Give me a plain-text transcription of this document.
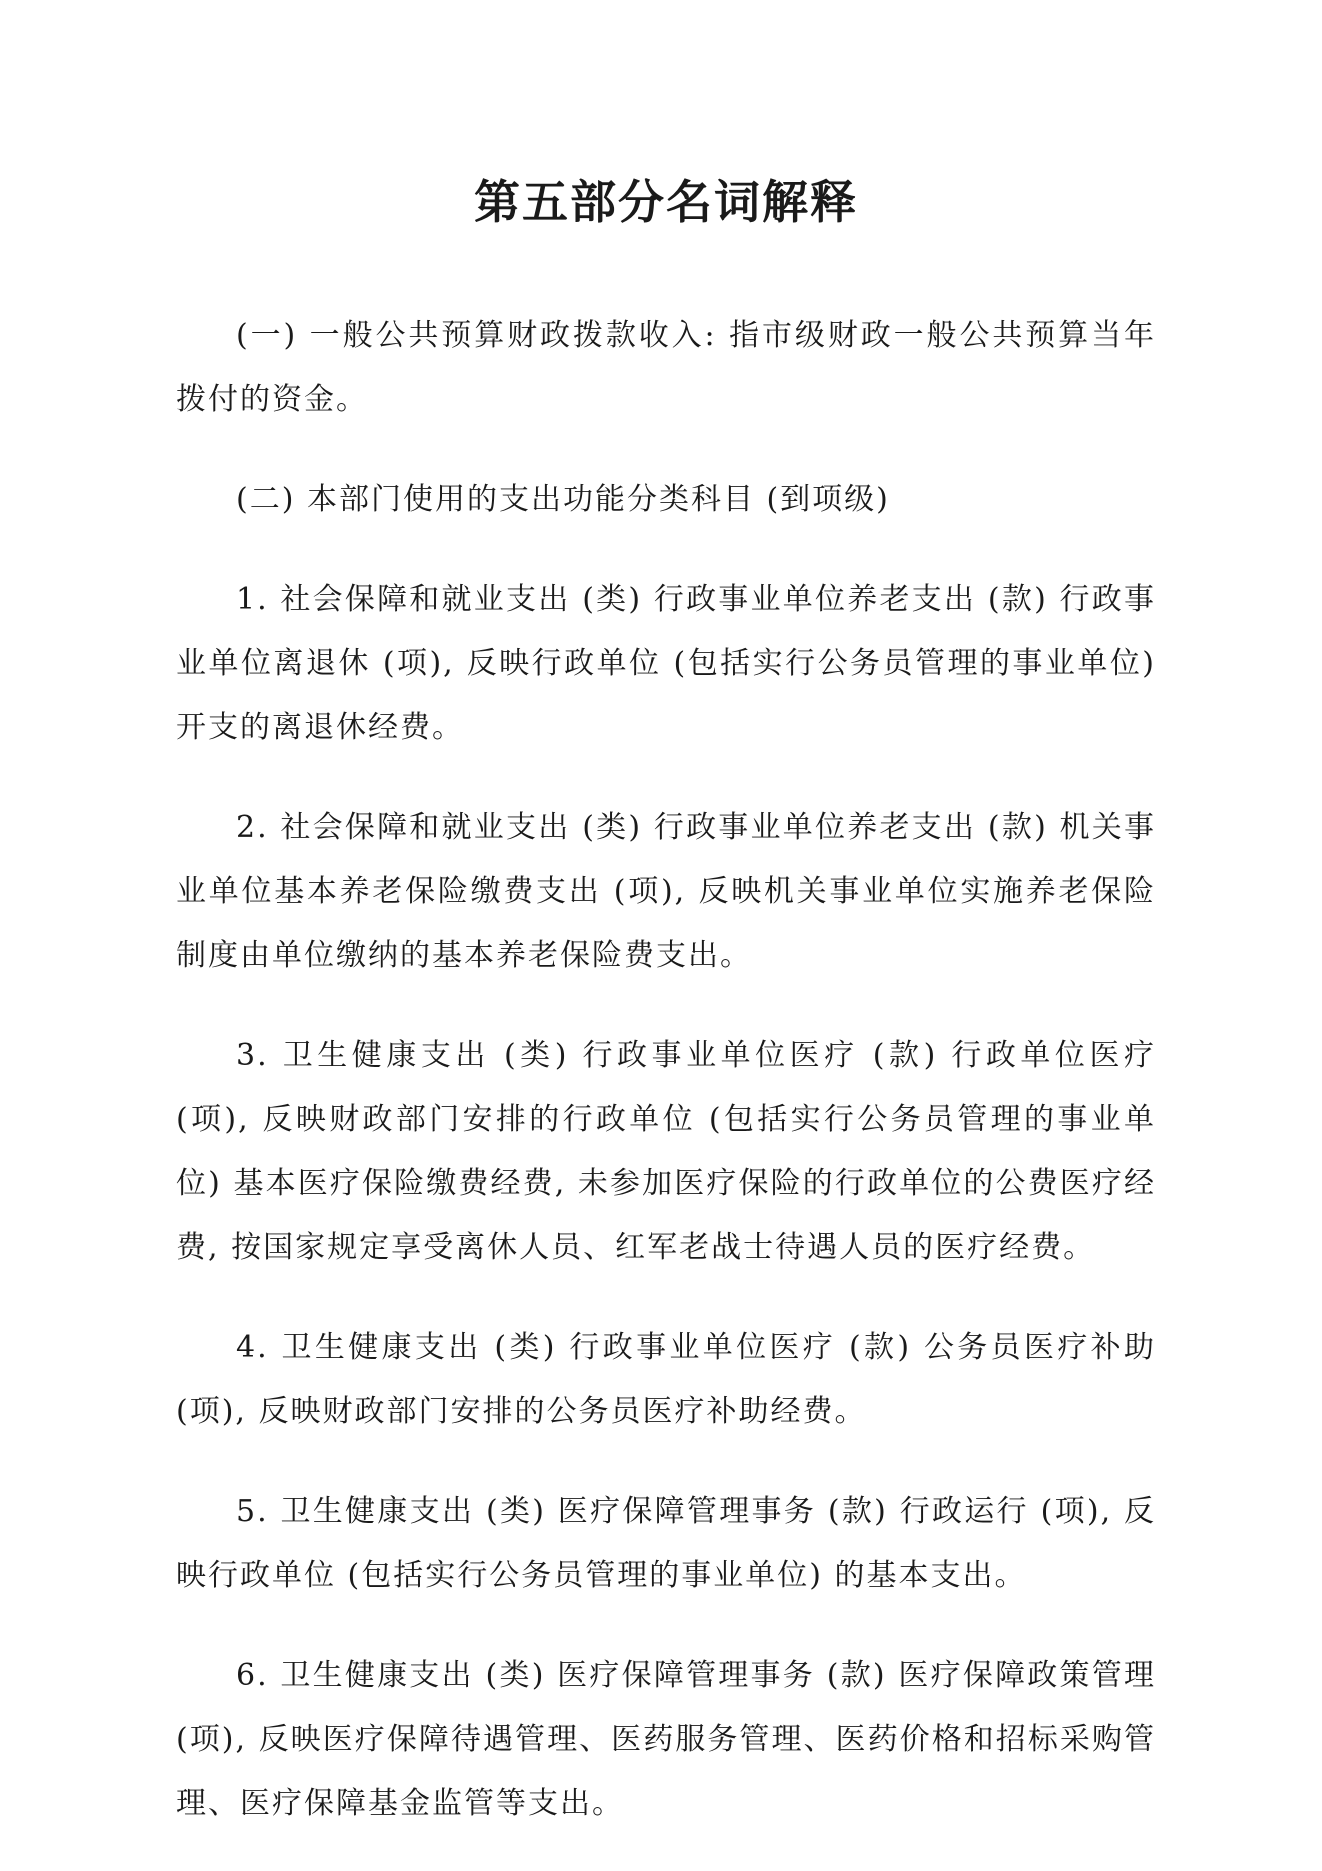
第五部分名词解释

(一) 一般公共预算财政拨款收入: 指市级财政一般公共预算当年拨付的资金。

(二) 本部门使用的支出功能分类科目 (到项级)

1. 社会保障和就业支出 (类) 行政事业单位养老支出 (款) 行政事业单位离退休 (项), 反映行政单位 (包括实行公务员管理的事业单位) 开支的离退休经费。

2. 社会保障和就业支出 (类) 行政事业单位养老支出 (款) 机关事业单位基本养老保险缴费支出 (项), 反映机关事业单位实施养老保险制度由单位缴纳的基本养老保险费支出。

3. 卫生健康支出 (类) 行政事业单位医疗 (款) 行政单位医疗 (项), 反映财政部门安排的行政单位 (包括实行公务员管理的事业单位) 基本医疗保险缴费经费, 未参加医疗保险的行政单位的公费医疗经费, 按国家规定享受离休人员、红军老战士待遇人员的医疗经费。

4. 卫生健康支出 (类) 行政事业单位医疗 (款) 公务员医疗补助 (项), 反映财政部门安排的公务员医疗补助经费。

5. 卫生健康支出 (类) 医疗保障管理事务 (款) 行政运行 (项), 反映行政单位 (包括实行公务员管理的事业单位) 的基本支出。

6. 卫生健康支出 (类) 医疗保障管理事务 (款) 医疗保障政策管理 (项), 反映医疗保障待遇管理、医药服务管理、医药价格和招标采购管理、医疗保障基金监管等支出。
